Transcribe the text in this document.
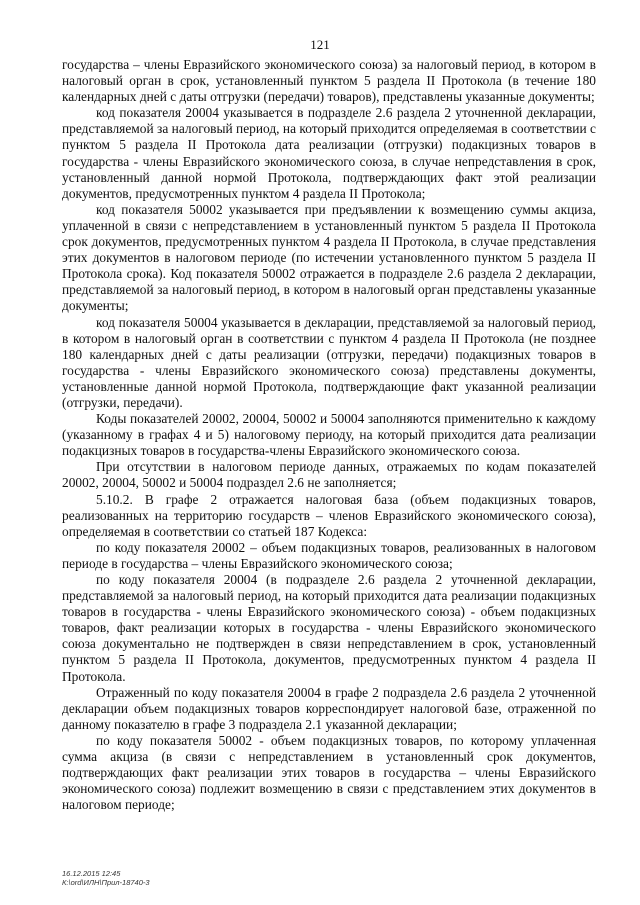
121

государства – члены Евразийского экономического союза) за налоговый период, в котором в налоговый орган в срок, установленный пунктом 5 раздела II Протокола (в течение 180 календарных дней с даты отгрузки (передачи) товаров), представлены указанные документы;

код показателя 20004 указывается в подразделе 2.6 раздела 2 уточненной декларации, представляемой за налоговый период, на который приходится определяемая в соответствии с пунктом 5 раздела II Протокола дата реализации (отгрузки) подакцизных товаров в государства - члены Евразийского экономического союза, в случае непредставления в срок, установленный данной нормой Протокола, подтверждающих факт этой реализации документов, предусмотренных пунктом 4 раздела II Протокола;

код показателя 50002 указывается при предъявлении к возмещению суммы акциза, уплаченной в связи с непредставлением в установленный пунктом 5 раздела II Протокола срок документов, предусмотренных пунктом 4 раздела II Протокола, в случае представления этих документов в налоговом периоде (по истечении установленного пунктом 5 раздела II Протокола срока). Код показателя 50002 отражается в подразделе 2.6 раздела 2 декларации, представляемой за налоговый период, в котором в налоговый орган представлены указанные документы;

код показателя 50004 указывается в декларации, представляемой за налоговый период, в котором в налоговый орган в соответствии с пунктом 4 раздела II Протокола (не позднее 180 календарных дней с даты реализации (отгрузки, передачи) подакцизных товаров в государства - члены Евразийского экономического союза) представлены документы, установленные данной нормой Протокола, подтверждающие факт указанной реализации (отгрузки, передачи).

Коды показателей 20002, 20004, 50002 и 50004 заполняются применительно к каждому (указанному в графах 4 и 5) налоговому периоду, на который приходится дата реализации подакцизных товаров в государства-члены Евразийского экономического союза.

При отсутствии в налоговом периоде данных, отражаемых по кодам показателей 20002, 20004, 50002 и 50004 подраздел 2.6 не заполняется;

5.10.2. В графе 2 отражается налоговая база (объем подакцизных товаров, реализованных на территорию государств – членов Евразийского экономического союза), определяемая в соответствии со статьей 187 Кодекса:

по коду показателя 20002 – объем подакцизных товаров, реализованных в налоговом периоде в государства – члены Евразийского экономического союза;

по коду показателя 20004 (в подразделе 2.6 раздела 2 уточненной декларации, представляемой за налоговый период, на который приходится дата реализации подакцизных товаров в государства - члены Евразийского экономического союза) - объем подакцизных товаров, факт реализации которых в государства - члены Евразийского экономического союза документально не подтвержден в связи непредставлением в срок, установленный пунктом 5 раздела II Протокола, документов, предусмотренных пунктом 4 раздела II Протокола.

Отраженный по коду показателя 20004 в графе 2 подраздела 2.6 раздела 2 уточненной декларации объем подакцизных товаров корреспондирует налоговой базе, отраженной по данному показателю в графе 3 подраздела 2.1 указанной декларации;

по коду показателя 50002 - объем подакцизных товаров, по которому уплаченная сумма акциза (в связи с непредставлением в установленный срок документов, подтверждающих факт реализации этих товаров в государства – члены Евразийского экономического союза) подлежит возмещению в связи с представлением этих документов в налоговом периоде;

16.12.2015 12:45
К:\ord\ИЛН\Прил-18740-3
